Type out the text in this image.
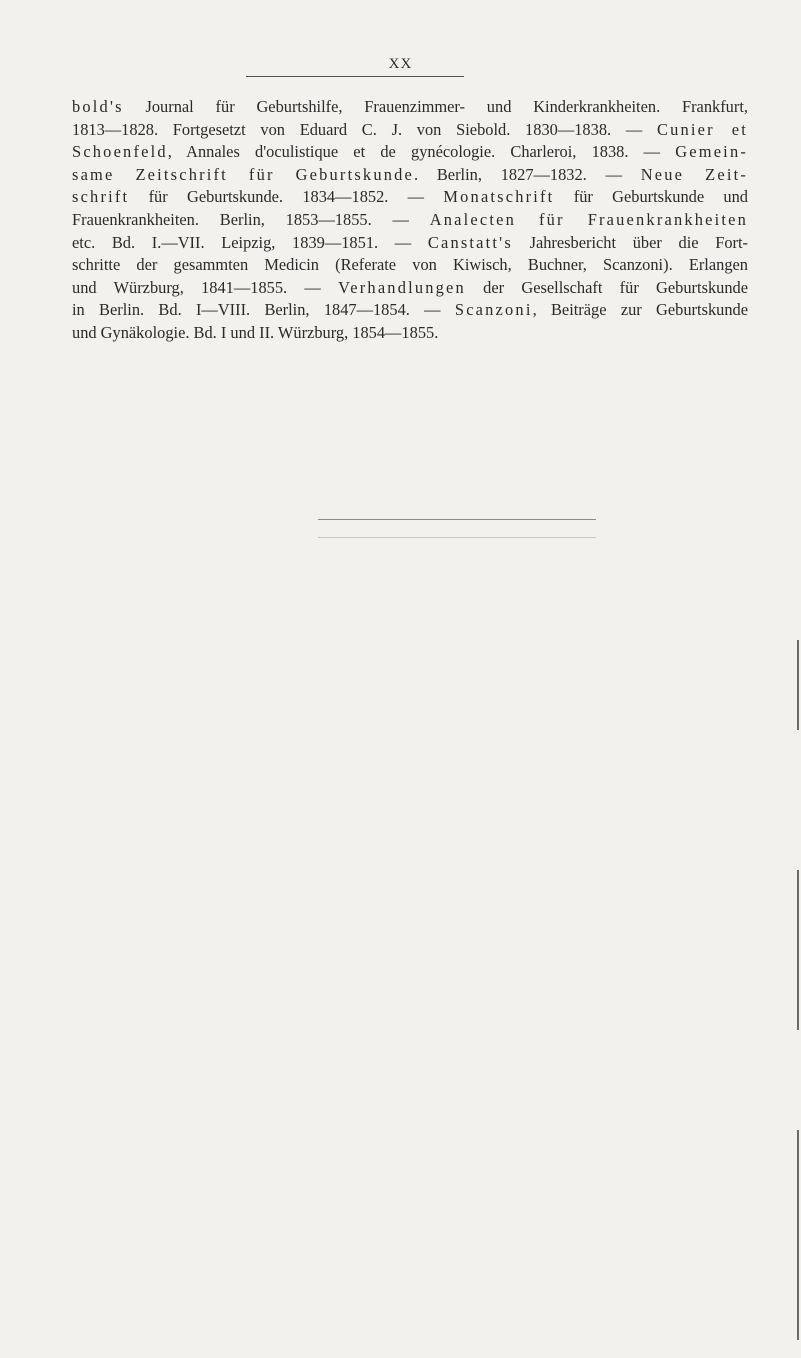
XX
bold's Journal für Geburtshilfe, Frauenzimmer- und Kinderkrankheiten. Frankfurt,
1813—1828. Fortgesetzt von Eduard C. J. von Siebold. 1830—1838. — Cunier et
Schoenfeld, Annales d'oculistique et de gynécologie. Charleroi, 1838. — Gemein-
same Zeitschrift für Geburtskunde. Berlin, 1827—1832. — Neue Zeit-
schrift für Geburtskunde. 1834—1852. — Monatschrift für Geburtskunde und
Frauenkrankheiten. Berlin, 1853—1855. — Analecten für Frauenkrankheiten
etc. Bd. I.—VII. Leipzig, 1839—1851. — Canstatt's Jahresbericht über die Fort-
schritte der gesammten Medicin (Referate von Kiwisch, Buchner, Scanzoni). Erlangen
und Würzburg, 1841—1855. — Verhandlungen der Gesellschaft für Geburtskunde
in Berlin. Bd. I—VIII. Berlin, 1847—1854. — Scanzoni, Beiträge zur Geburtskunde
und Gynäkologie. Bd. I und II. Würzburg, 1854—1855.
